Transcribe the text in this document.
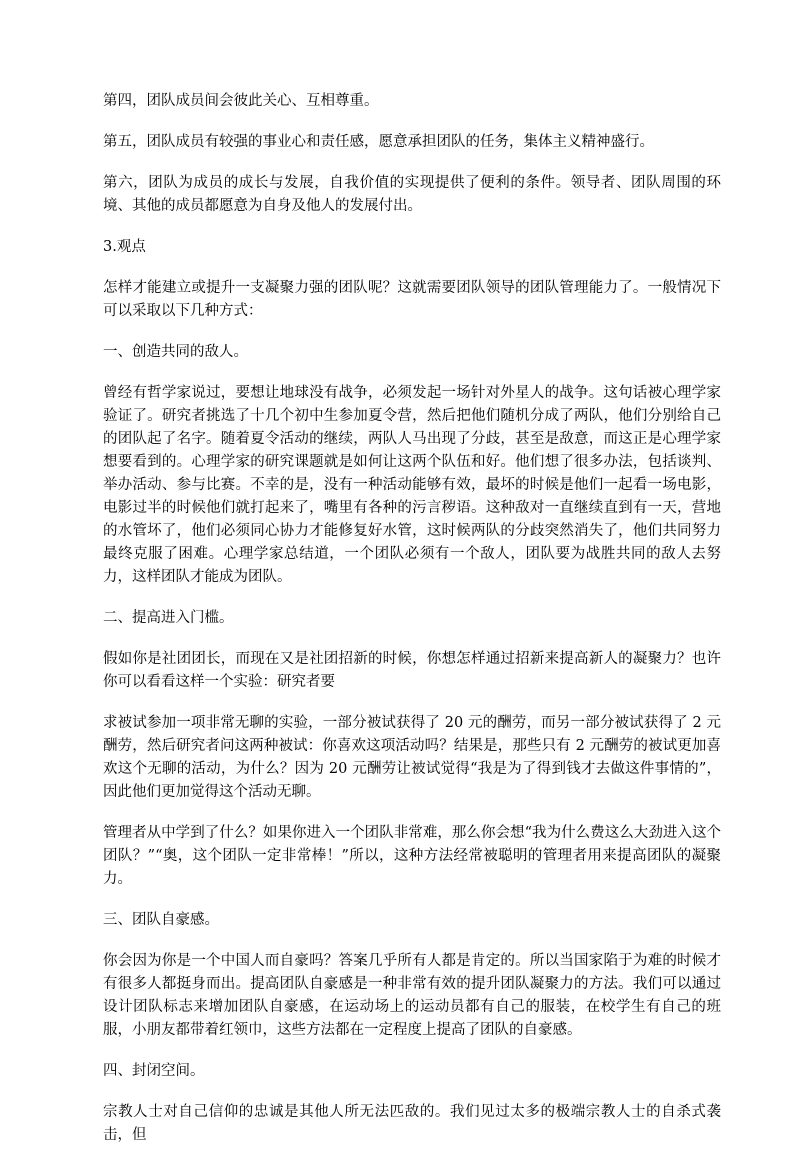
第四，团队成员间会彼此关心、互相尊重。

第五，团队成员有较强的事业心和责任感，愿意承担团队的任务，集体主义精神盛行。

第六，团队为成员的成长与发展，自我价值的实现提供了便利的条件。领导者、团队周围的环境、其他的成员都愿意为自身及他人的发展付出。

3.观点

怎样才能建立或提升一支凝聚力强的团队呢？这就需要团队领导的团队管理能力了。一般情况下可以采取以下几种方式：

一、创造共同的敌人。

曾经有哲学家说过，要想让地球没有战争，必须发起一场针对外星人的战争。这句话被心理学家验证了。研究者挑选了十几个初中生参加夏令营，然后把他们随机分成了两队，他们分别给自己的团队起了名字。随着夏令活动的继续，两队人马出现了分歧，甚至是敌意，而这正是心理学家想要看到的。心理学家的研究课题就是如何让这两个队伍和好。他们想了很多办法，包括谈判、举办活动、参与比赛。不幸的是，没有一种活动能够有效，最坏的时候是他们一起看一场电影，电影过半的时候他们就打起来了，嘴里有各种的污言秽语。这种敌对一直继续直到有一天，营地的水管坏了，他们必须同心协力才能修复好水管，这时候两队的分歧突然消失了，他们共同努力最终克服了困难。心理学家总结道，一个团队必须有一个敌人，团队要为战胜共同的敌人去努力，这样团队才能成为团队。

二、提高进入门槛。

假如你是社团团长，而现在又是社团招新的时候，你想怎样通过招新来提高新人的凝聚力？也许你可以看看这样一个实验：研究者要

求被试参加一项非常无聊的实验，一部分被试获得了 20 元的酬劳，而另一部分被试获得了 2 元酬劳，然后研究者问这两种被试：你喜欢这项活动吗？结果是，那些只有 2 元酬劳的被试更加喜欢这个无聊的活动，为什么？因为 20 元酬劳让被试觉得“我是为了得到钱才去做这件事情的”，因此他们更加觉得这个活动无聊。

管理者从中学到了什么？如果你进入一个团队非常难，那么你会想“我为什么费这么大劲进入这个团队？”“奥，这个团队一定非常棒！”所以，这种方法经常被聪明的管理者用来提高团队的凝聚力。

三、团队自豪感。

你会因为你是一个中国人而自豪吗？答案几乎所有人都是肯定的。所以当国家陷于为难的时候才有很多人都挺身而出。提高团队自豪感是一种非常有效的提升团队凝聚力的方法。我们可以通过设计团队标志来增加团队自豪感，在运动场上的运动员都有自己的服装，在校学生有自己的班服，小朋友都带着红领巾，这些方法都在一定程度上提高了团队的自豪感。

四、封闭空间。

宗教人士对自己信仰的忠诚是其他人所无法匹敌的。我们见过太多的极端宗教人士的自杀式袭击，但
